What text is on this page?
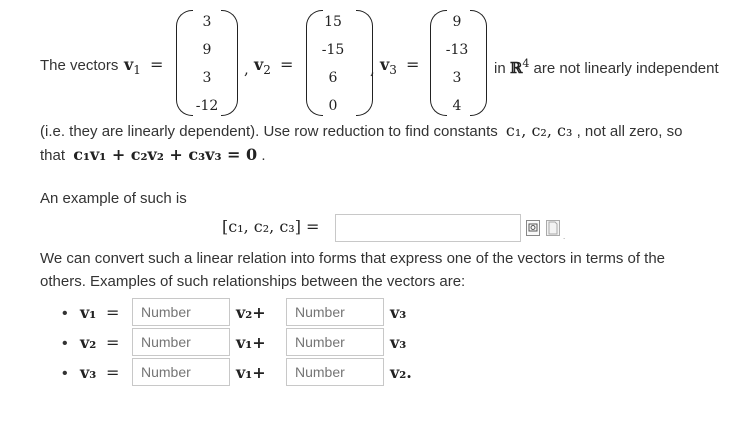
The vectors $v_1$ =
3
9
3
-12
, $v_2$ =
15
-15
6
0
, $v_3$ =
9
-13
3
4
in ℝ$^4$ are not linearly independent
(i.e. they are linearly dependent). Use row reduction to find constants c₁, c₂, c₃ , not all zero, so
that c₁v₁ + c₂v₂ + c₃v₃ = 0 .
An example of such is
[c₁, c₂, c₃] =
.
We can convert such a linear relation into forms that express one of the vectors in terms of the
others. Examples of such relationships between the vectors are:
• v₁ =
Number	v₂+
Number	v₃
• v₂ =
Number	v₁+
Number	v₃
• v₃ =
Number	v₁+
Number	v₂.
